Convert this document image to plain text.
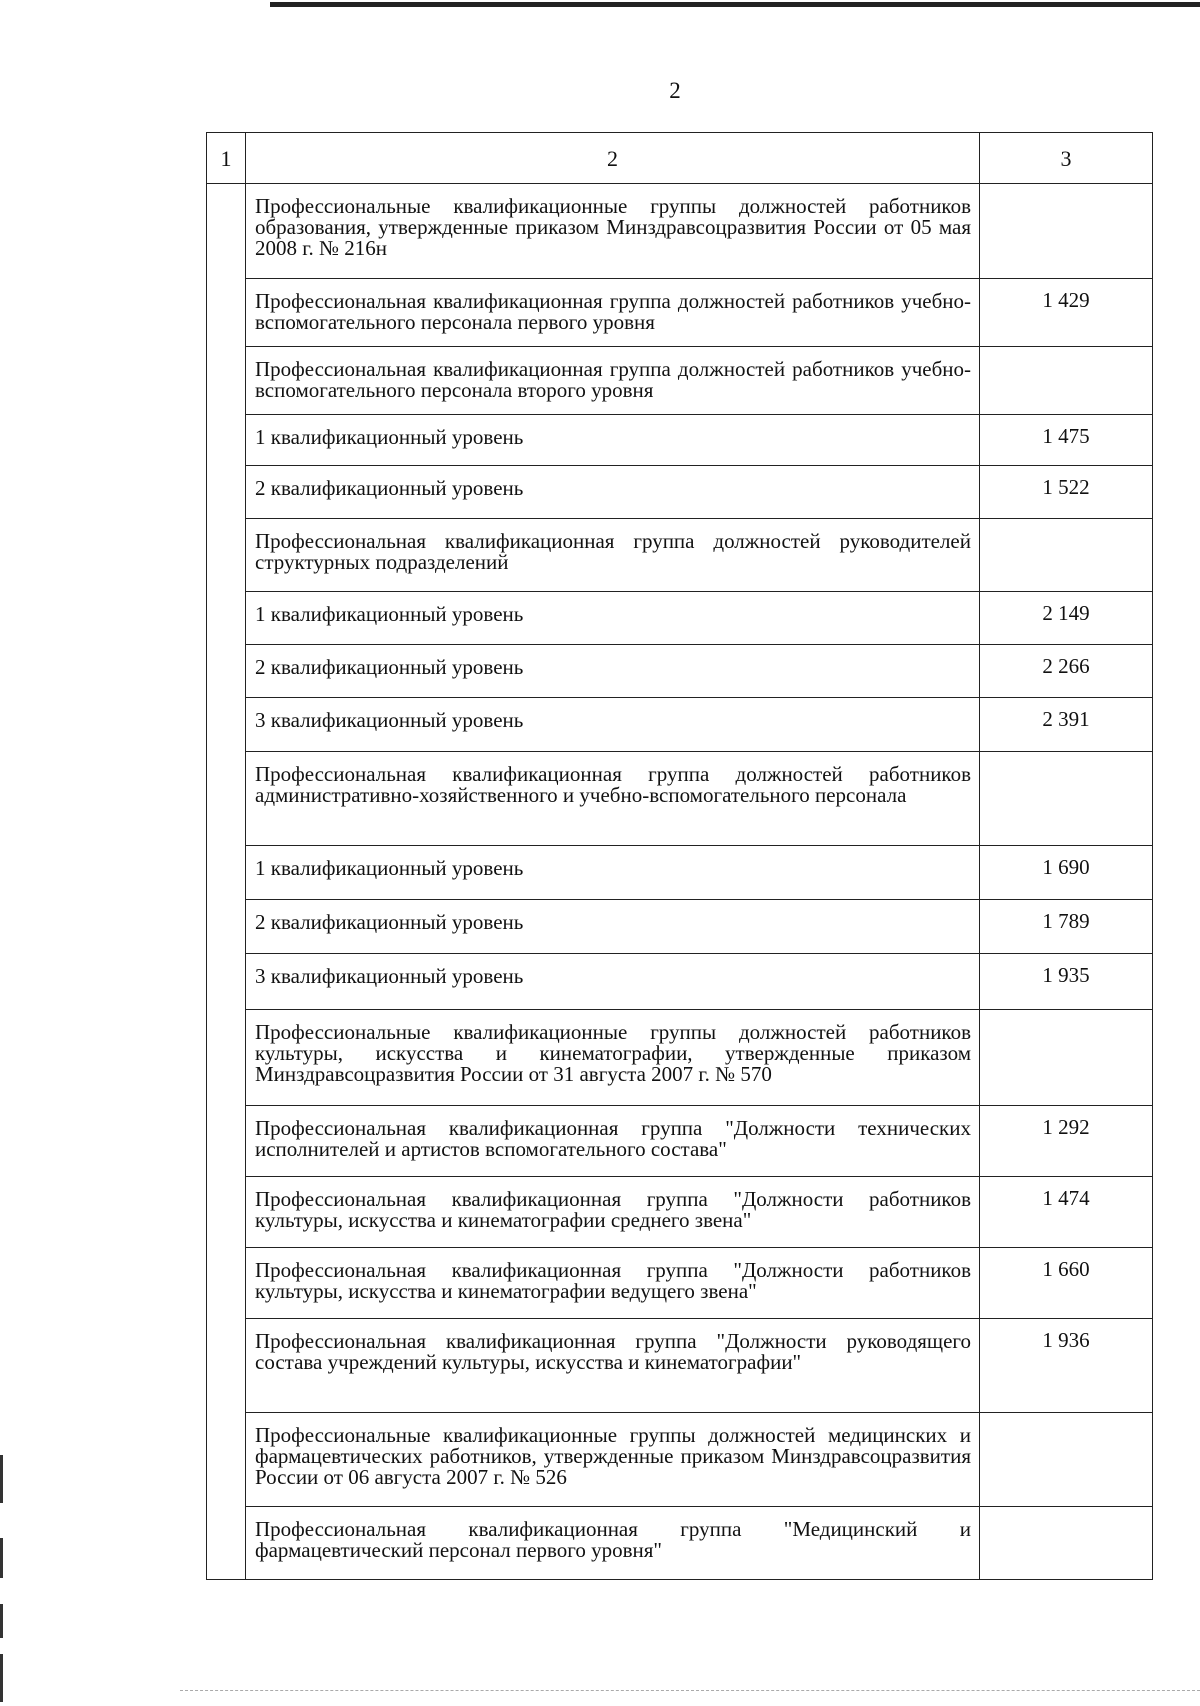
2
1	2	3
	Профессиональные квалификационные группы должностей работников образования, утвержденные приказом Минздравсоцразвития России от 05 мая 2008 г. № 216н	
	Профессиональная квалификационная группа должностей работников учебно-вспомогательного персонала первого уровня	1 429
	Профессиональная квалификационная группа должностей работников учебно-вспомогательного персонала второго уровня	
	1 квалификационный уровень	1 475
	2 квалификационный уровень	1 522
	Профессиональная квалификационная группа должностей руководителей структурных подразделений	
	1 квалификационный уровень	2 149
	2 квалификационный уровень	2 266
	3 квалификационный уровень	2 391
	Профессиональная квалификационная группа должностей работников административно-хозяйственного и учебно-вспомогательного персонала	
	1 квалификационный уровень	1 690
	2 квалификационный уровень	1 789
	3 квалификационный уровень	1 935
	Профессиональные квалификационные группы должностей работников культуры, искусства и кинематографии, утвержденные приказом Минздравсоцразвития России от 31 августа 2007 г. № 570	
	Профессиональная квалификационная группа "Должности технических исполнителей и артистов вспомогательного состава"	1 292
	Профессиональная квалификационная группа "Должности работников культуры, искусства и кинематографии среднего звена"	1 474
	Профессиональная квалификационная группа "Должности работников культуры, искусства и кинематографии ведущего звена"	1 660
	Профессиональная квалификационная группа "Должности руководящего состава учреждений культуры, искусства и кинематографии"	1 936
	Профессиональные квалификационные группы должностей медицинских и фармацевтических работников, утвержденные приказом Минздравсоцразвития России от 06 августа 2007 г. № 526	
	Профессиональная квалификационная группа "Медицинский и фармацевтический персонал первого уровня"	
